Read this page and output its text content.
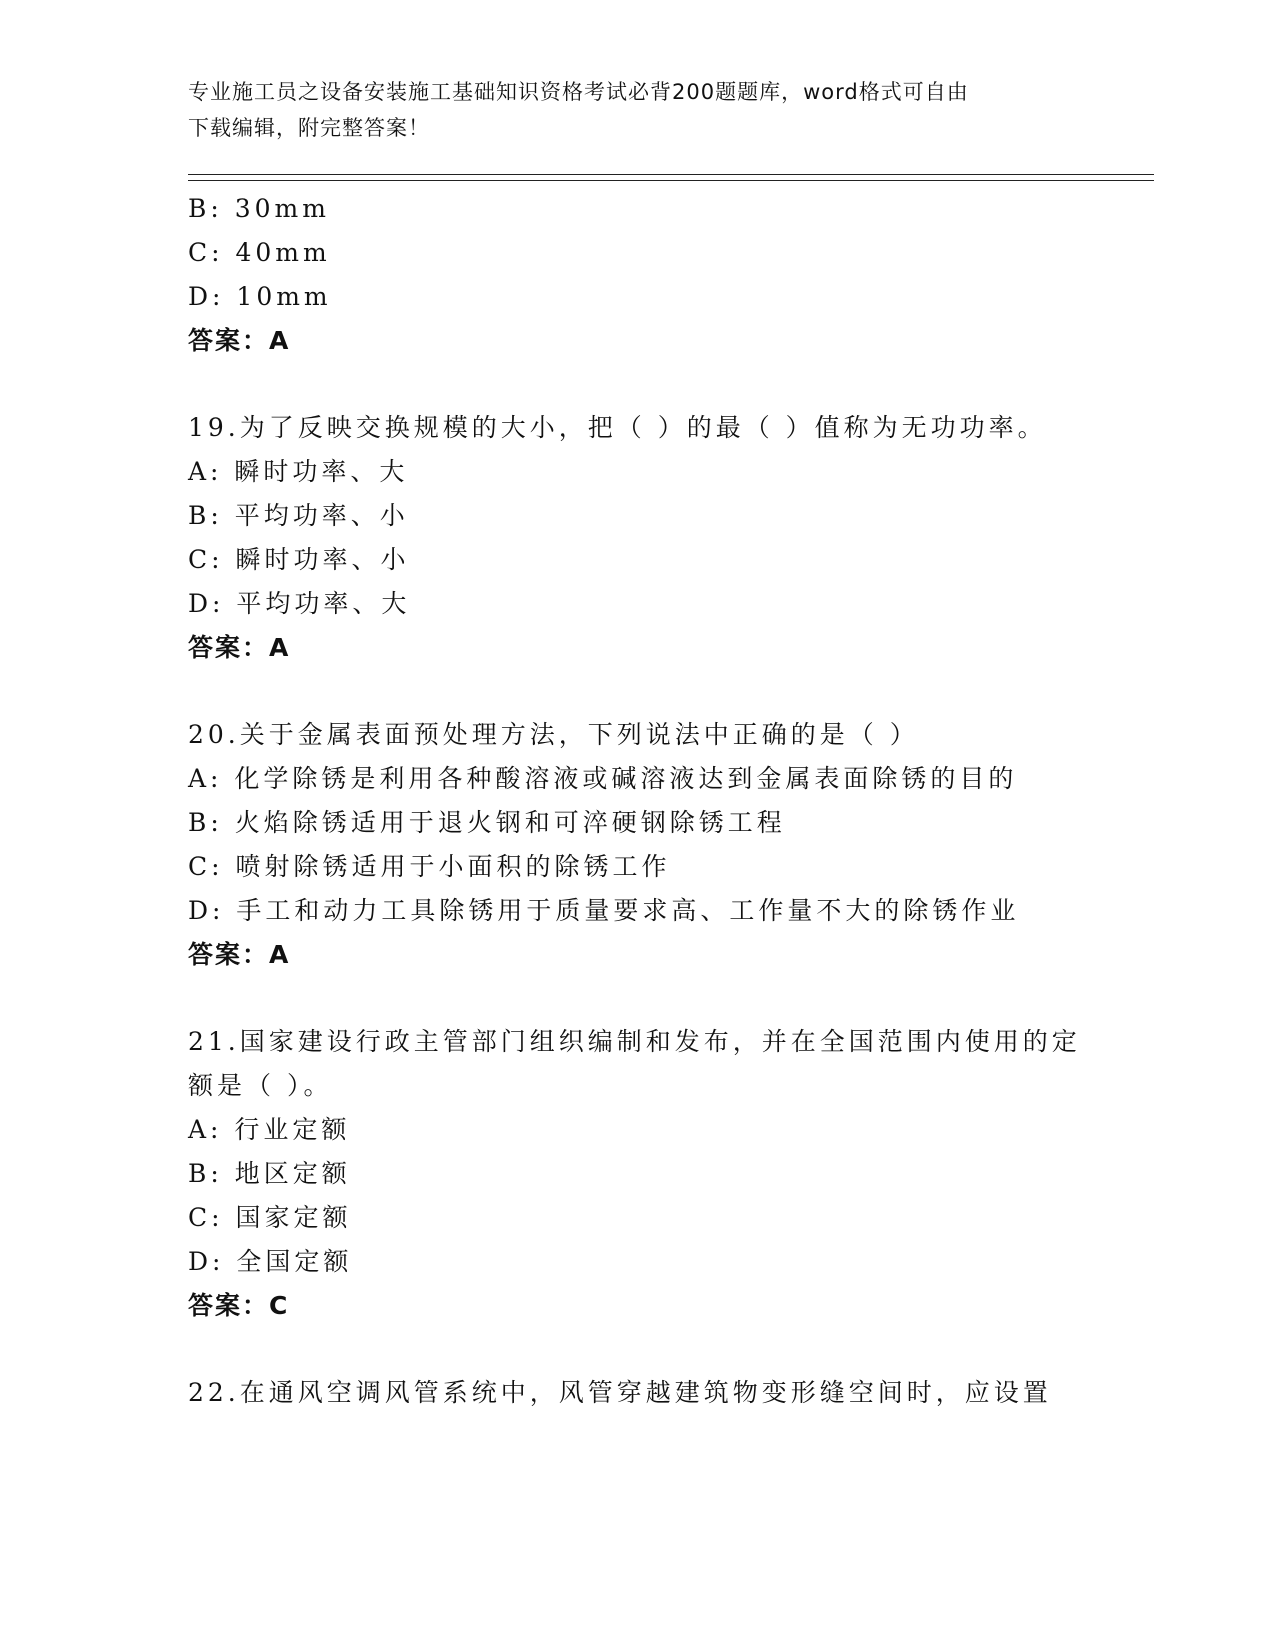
专业施工员之设备安装施工基础知识资格考试必背200题题库，word格式可自由
下载编辑，附完整答案！
B: 30mm
C: 40mm
D: 10mm
答案：A
19.为了反映交换规模的大小，把（ ）的最（ ）值称为无功功率。
A: 瞬时功率、大
B: 平均功率、小
C: 瞬时功率、小
D: 平均功率、大
答案：A
20.关于金属表面预处理方法，下列说法中正确的是（ ）
A: 化学除锈是利用各种酸溶液或碱溶液达到金属表面除锈的目的
B: 火焰除锈适用于退火钢和可淬硬钢除锈工程
C: 喷射除锈适用于小面积的除锈工作
D: 手工和动力工具除锈用于质量要求高、工作量不大的除锈作业
答案：A
21.国家建设行政主管部门组织编制和发布，并在全国范围内使用的定
额是（ ）。
A: 行业定额
B: 地区定额
C: 国家定额
D: 全国定额
答案：C
22.在通风空调风管系统中，风管穿越建筑物变形缝空间时，应设置
